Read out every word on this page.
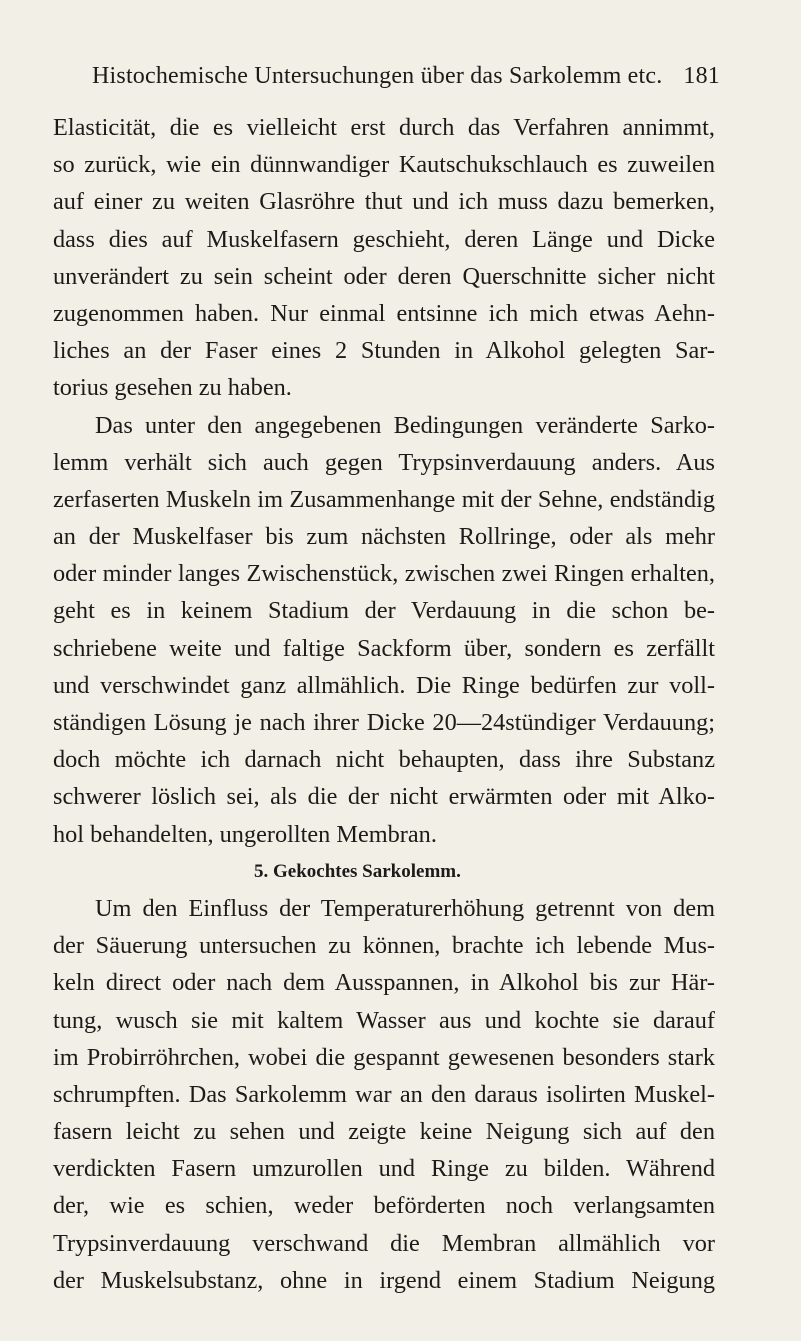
Histochemische Untersuchungen über das Sarkolemm etc. 181
Elasticität, die es vielleicht erst durch das Verfahren annimmt,
so zurück, wie ein dünnwandiger Kautschukschlauch es zuweilen
auf einer zu weiten Glasröhre thut und ich muss dazu bemerken,
dass dies auf Muskelfasern geschieht, deren Länge und Dicke
unverändert zu sein scheint oder deren Querschnitte sicher nicht
zugenommen haben. Nur einmal entsinne ich mich etwas Aehn-
liches an der Faser eines 2 Stunden in Alkohol gelegten Sar-
torius gesehen zu haben.
Das unter den angegebenen Bedingungen veränderte Sarko-
lemm verhält sich auch gegen Trypsinverdauung anders. Aus
zerfaserten Muskeln im Zusammenhange mit der Sehne, endständig
an der Muskelfaser bis zum nächsten Rollringe, oder als mehr
oder minder langes Zwischenstück, zwischen zwei Ringen erhalten,
geht es in keinem Stadium der Verdauung in die schon be-
schriebene weite und faltige Sackform über, sondern es zerfällt
und verschwindet ganz allmählich. Die Ringe bedürfen zur voll-
ständigen Lösung je nach ihrer Dicke 20—24stündiger Verdauung;
doch möchte ich darnach nicht behaupten, dass ihre Substanz
schwerer löslich sei, als die der nicht erwärmten oder mit Alko-
hol behandelten, ungerollten Membran.
5. Gekochtes Sarkolemm.
Um den Einfluss der Temperaturerhöhung getrennt von dem
der Säuerung untersuchen zu können, brachte ich lebende Mus-
keln direct oder nach dem Ausspannen, in Alkohol bis zur Här-
tung, wusch sie mit kaltem Wasser aus und kochte sie darauf
im Probirröhrchen, wobei die gespannt gewesenen besonders stark
schrumpften. Das Sarkolemm war an den daraus isolirten Muskel-
fasern leicht zu sehen und zeigte keine Neigung sich auf den
verdickten Fasern umzurollen und Ringe zu bilden. Während
der, wie es schien, weder beförderten noch verlangsamten
Trypsinverdauung verschwand die Membran allmählich vor
der Muskelsubstanz, ohne in irgend einem Stadium Neigung
